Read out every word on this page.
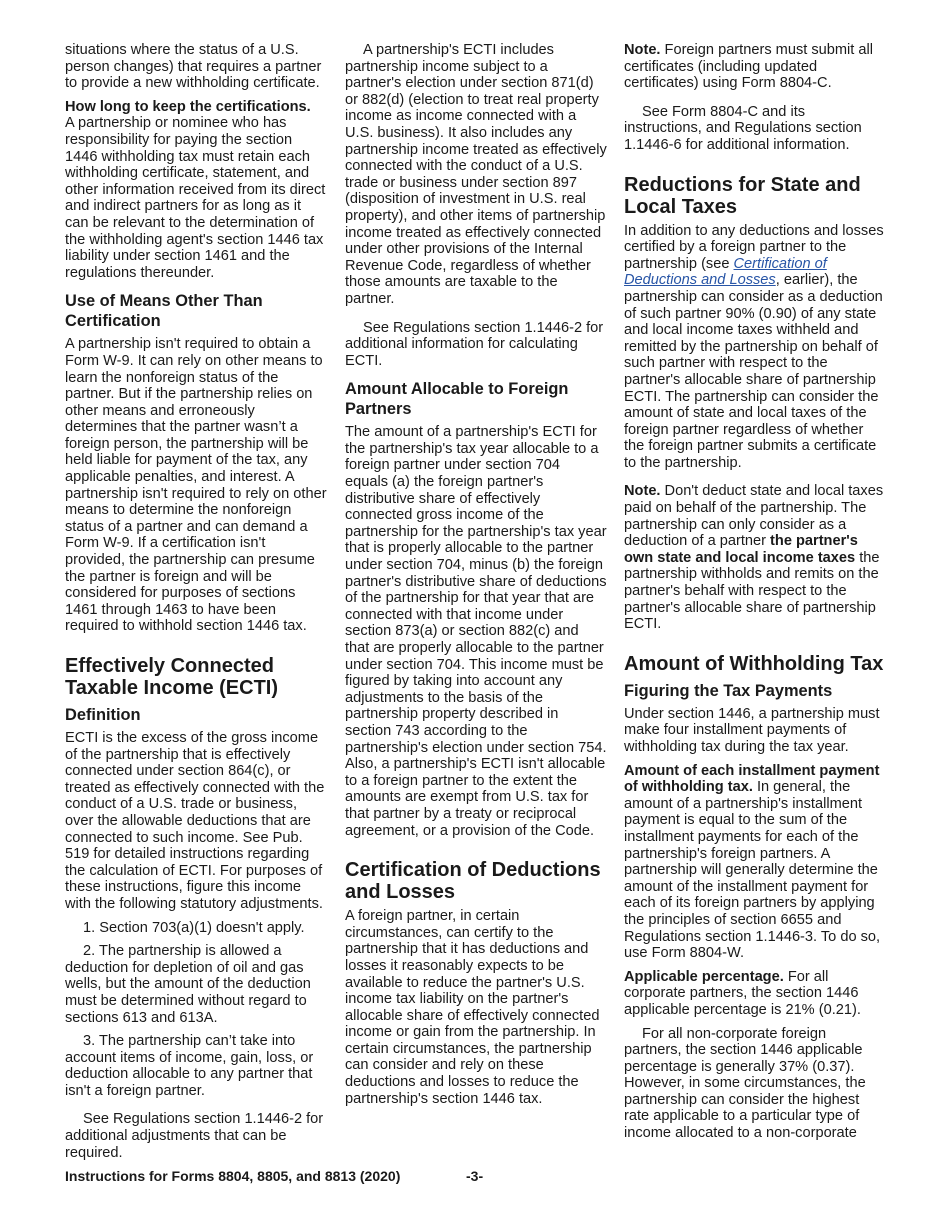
situations where the status of a U.S. person changes) that requires a partner to provide a new withholding certificate.

How long to keep the certifications.
A partnership or nominee who has responsibility for paying the section 1446 withholding tax must retain each withholding certificate, statement, and other information received from its direct and indirect partners for as long as it can be relevant to the determination of the withholding agent's section 1446 tax liability under section 1461 and the regulations thereunder.

Use of Means Other Than Certification

A partnership isn't required to obtain a Form W-9. It can rely on other means to learn the nonforeign status of the partner. But if the partnership relies on other means and erroneously determines that the partner wasn’t a foreign person, the partnership will be held liable for payment of the tax, any applicable penalties, and interest. A partnership isn't required to rely on other means to determine the nonforeign status of a partner and can demand a Form W-9. If a certification isn't provided, the partnership can presume the partner is foreign and will be considered for purposes of sections 1461 through 1463 to have been required to withhold section 1446 tax.

Effectively Connected Taxable Income (ECTI)
Definition

ECTI is the excess of the gross income of the partnership that is effectively connected under section 864(c), or treated as effectively connected with the conduct of a U.S. trade or business, over the allowable deductions that are connected to such income. See Pub. 519 for detailed instructions regarding the calculation of ECTI. For purposes of these instructions, figure this income with the following statutory adjustments.

1. Section 703(a)(1) doesn't apply.

2. The partnership is allowed a deduction for depletion of oil and gas wells, but the amount of the deduction must be determined without regard to sections 613 and 613A.

3. The partnership can’t take into account items of income, gain, loss, or deduction allocable to any partner that isn't a foreign partner.

See Regulations section 1.1446-2 for additional adjustments that can be required.

A partnership's ECTI includes partnership income subject to a partner's election under section 871(d) or 882(d) (election to treat real property income as income connected with a U.S. business). It also includes any partnership income treated as effectively connected with the conduct of a U.S. trade or business under section 897 (disposition of investment in U.S. real property), and other items of partnership income treated as effectively connected under other provisions of the Internal Revenue Code, regardless of whether those amounts are taxable to the partner.

See Regulations section 1.1446-2 for additional information for calculating ECTI.

Amount Allocable to Foreign Partners

The amount of a partnership's ECTI for the partnership's tax year allocable to a foreign partner under section 704 equals (a) the foreign partner's distributive share of effectively connected gross income of the partnership for the partnership's tax year that is properly allocable to the partner under section 704, minus (b) the foreign partner's distributive share of deductions of the partnership for that year that are connected with that income under section 873(a) or section 882(c) and that are properly allocable to the partner under section 704. This income must be figured by taking into account any adjustments to the basis of the partnership property described in section 743 according to the partnership's election under section 754. Also, a partnership's ECTI isn't allocable to a foreign partner to the extent the amounts are exempt from U.S. tax for that partner by a treaty or reciprocal agreement, or a provision of the Code.

Certification of Deductions and Losses

A foreign partner, in certain circumstances, can certify to the partnership that it has deductions and losses it reasonably expects to be available to reduce the partner's U.S. income tax liability on the partner's allocable share of effectively connected income or gain from the partnership. In certain circumstances, the partnership can consider and rely on these deductions and losses to reduce the partnership's section 1446 tax.

Note. Foreign partners must submit all certificates (including updated certificates) using Form 8804-C.

See Form 8804-C and its instructions, and Regulations section 1.1446-6 for additional information.

Reductions for State and Local Taxes

In addition to any deductions and losses certified by a foreign partner to the partnership (see Certification of Deductions and Losses, earlier), the partnership can consider as a deduction of such partner 90% (0.90) of any state and local income taxes withheld and remitted by the partnership on behalf of such partner with respect to the partner's allocable share of partnership ECTI. The partnership can consider the amount of state and local taxes of the foreign partner regardless of whether the foreign partner submits a certificate to the partnership.

Note. Don't deduct state and local taxes paid on behalf of the partnership. The partnership can only consider as a deduction of a partner the partner's own state and local income taxes the partnership withholds and remits on the partner's behalf with respect to the partner's allocable share of partnership ECTI.

Amount of Withholding Tax
Figuring the Tax Payments

Under section 1446, a partnership must make four installment payments of withholding tax during the tax year.

Amount of each installment payment of withholding tax. In general, the amount of a partnership's installment payment is equal to the sum of the installment payments for each of the partnership's foreign partners. A partnership will generally determine the amount of the installment payment for each of its foreign partners by applying the principles of section 6655 and Regulations section 1.1446-3. To do so, use Form 8804-W.

Applicable percentage. For all corporate partners, the section 1446 applicable percentage is 21% (0.21).

For all non-corporate foreign partners, the section 1446 applicable percentage is generally 37% (0.37). However, in some circumstances, the partnership can consider the highest rate applicable to a particular type of income allocated to a non-corporate

Instructions for Forms 8804, 8805, and 8813 (2020)	-3-
